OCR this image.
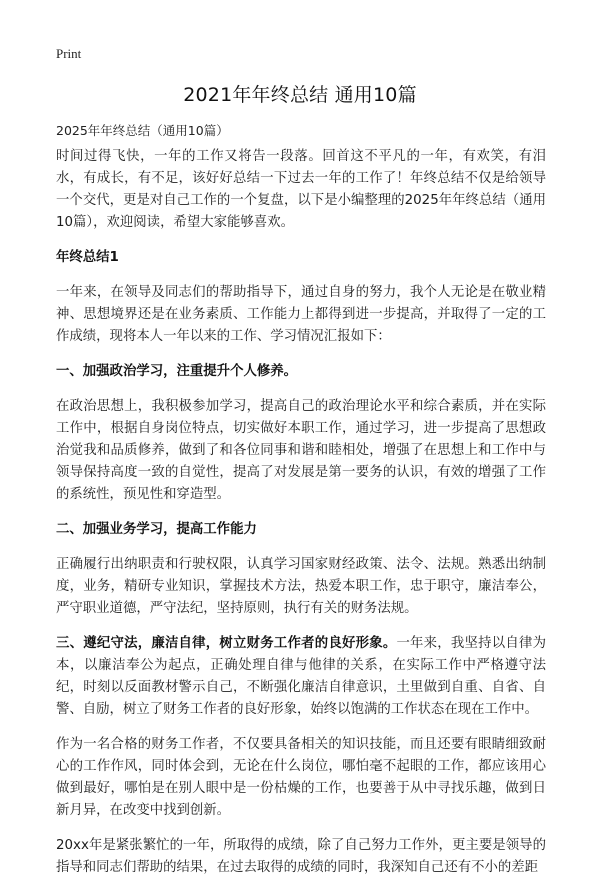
Print
2021年年终总结 通用10篇
2025年年终总结（通用10篇）

时间过得飞快，一年的工作又将告一段落。回首这不平凡的一年，有欢笑，有泪水，有成长，有不足，该好好总结一下过去一年的工作了！年终总结不仅是给领导一个交代，更是对自己工作的一个复盘，以下是小编整理的2025年年终总结（通用10篇），欢迎阅读，希望大家能够喜欢。

年终总结1

一年来，在领导及同志们的帮助指导下，通过自身的努力，我个人无论是在敬业精神、思想境界还是在业务素质、工作能力上都得到进一步提高，并取得了一定的工作成绩，现将本人一年以来的工作、学习情况汇报如下：

一、加强政治学习，注重提升个人修养。

在政治思想上，我积极参加学习，提高自己的政治理论水平和综合素质，并在实际工作中，根据自身岗位特点，切实做好本职工作，通过学习，进一步提高了思想政治觉我和品质修养，做到了和各位同事和谐和睦相处，增强了在思想上和工作中与领导保持高度一致的自觉性，提高了对发展是第一要务的认识，有效的增强了工作的系统性，预见性和穿造型。

二、加强业务学习，提高工作能力

正确履行出纳职责和行驶权限，认真学习国家财经政策、法令、法规。熟悉出纳制度，业务，精研专业知识，掌握技术方法，热爱本职工作，忠于职守，廉洁奉公，严守职业道德，严守法纪，坚持原则，执行有关的财务法规。

三、遵纪守法，廉洁自律，树立财务工作者的良好形象。一年来，我坚持以自律为本，以廉洁奉公为起点，正确处理自律与他律的关系，在实际工作中严格遵守法纪，时刻以反面教材警示自己，不断强化廉洁自律意识，土里做到自重、自省、自警、自励，树立了财务工作者的良好形象，始终以饱满的工作状态在现在工作中。

作为一名合格的财务工作者，不仅要具备相关的知识技能，而且还要有眼睛细致耐心的工作作风，同时体会到，无论在什么岗位，哪怕毫不起眼的工作，都应该用心做到最好，哪怕是在别人眼中是一份枯燥的工作，也要善于从中寻找乐趣，做到日新月异，在改变中找到创新。

20xx年是紧张繁忙的一年，所取得的成绩，除了自己努力工作外，更主要是领导的指导和同志们帮助的结果，在过去取得的成绩的同时，我深知自己还有不小的差距
